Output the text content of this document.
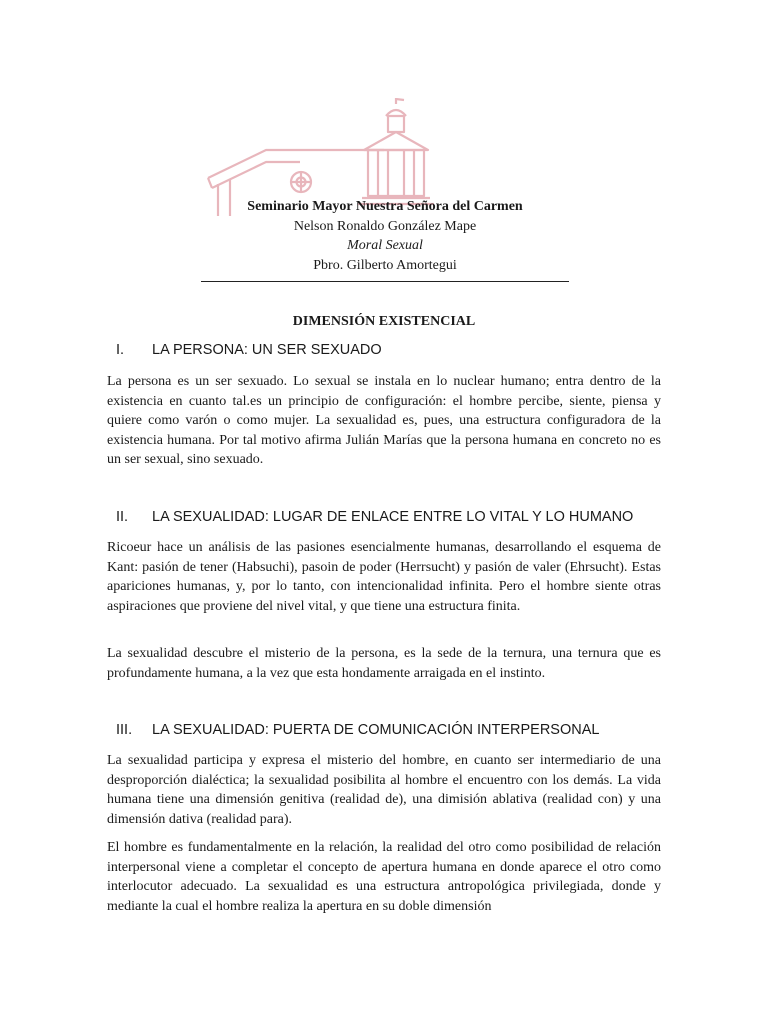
Seminario Mayor Nuestra Señora del Carmen
Nelson Ronaldo González Mape
Moral Sexual
Pbro. Gilberto Amortegui
DIMENSIÓN EXISTENCIAL
I. LA PERSONA: UN SER SEXUADO

La persona es un ser sexuado. Lo sexual se instala en lo nuclear humano; entra dentro de la existencia en cuanto tal.es un principio de configuración: el hombre percibe, siente, piensa y quiere como varón o como mujer. La sexualidad es, pues, una estructura configuradora de la existencia humana. Por tal motivo afirma Julián Marías que la persona humana en concreto no es un ser sexual, sino sexuado.

II. LA SEXUALIDAD: LUGAR DE ENLACE ENTRE LO VITAL Y LO HUMANO

Ricoeur hace un análisis de las pasiones esencialmente humanas, desarrollando el esquema de Kant: pasión de tener (Habsuchi), pasoin de poder (Herrsucht) y pasión de valer (Ehrsucht). Estas apariciones humanas, y, por lo tanto, con intencionalidad infinita. Pero el hombre siente otras aspiraciones que proviene del nivel vital, y que tiene una estructura finita.

La sexualidad descubre el misterio de la persona, es la sede de la ternura, una ternura que es profundamente humana, a la vez que esta hondamente arraigada en el instinto.

III. LA SEXUALIDAD: PUERTA DE COMUNICACIÓN INTERPERSONAL

La sexualidad participa y expresa el misterio del hombre, en cuanto ser intermediario de una desproporción dialéctica; la sexualidad posibilita al hombre el encuentro con los demás. La vida humana tiene una dimensión genitiva (realidad de), una dimisión ablativa (realidad con) y una dimensión dativa (realidad para).

El hombre es fundamentalmente en la relación, la realidad del otro como posibilidad de relación interpersonal viene a completar el concepto de apertura humana en donde aparece el otro como interlocutor adecuado. La sexualidad es una estructura antropológica privilegiada, donde y mediante la cual el hombre realiza la apertura en su doble dimensión
